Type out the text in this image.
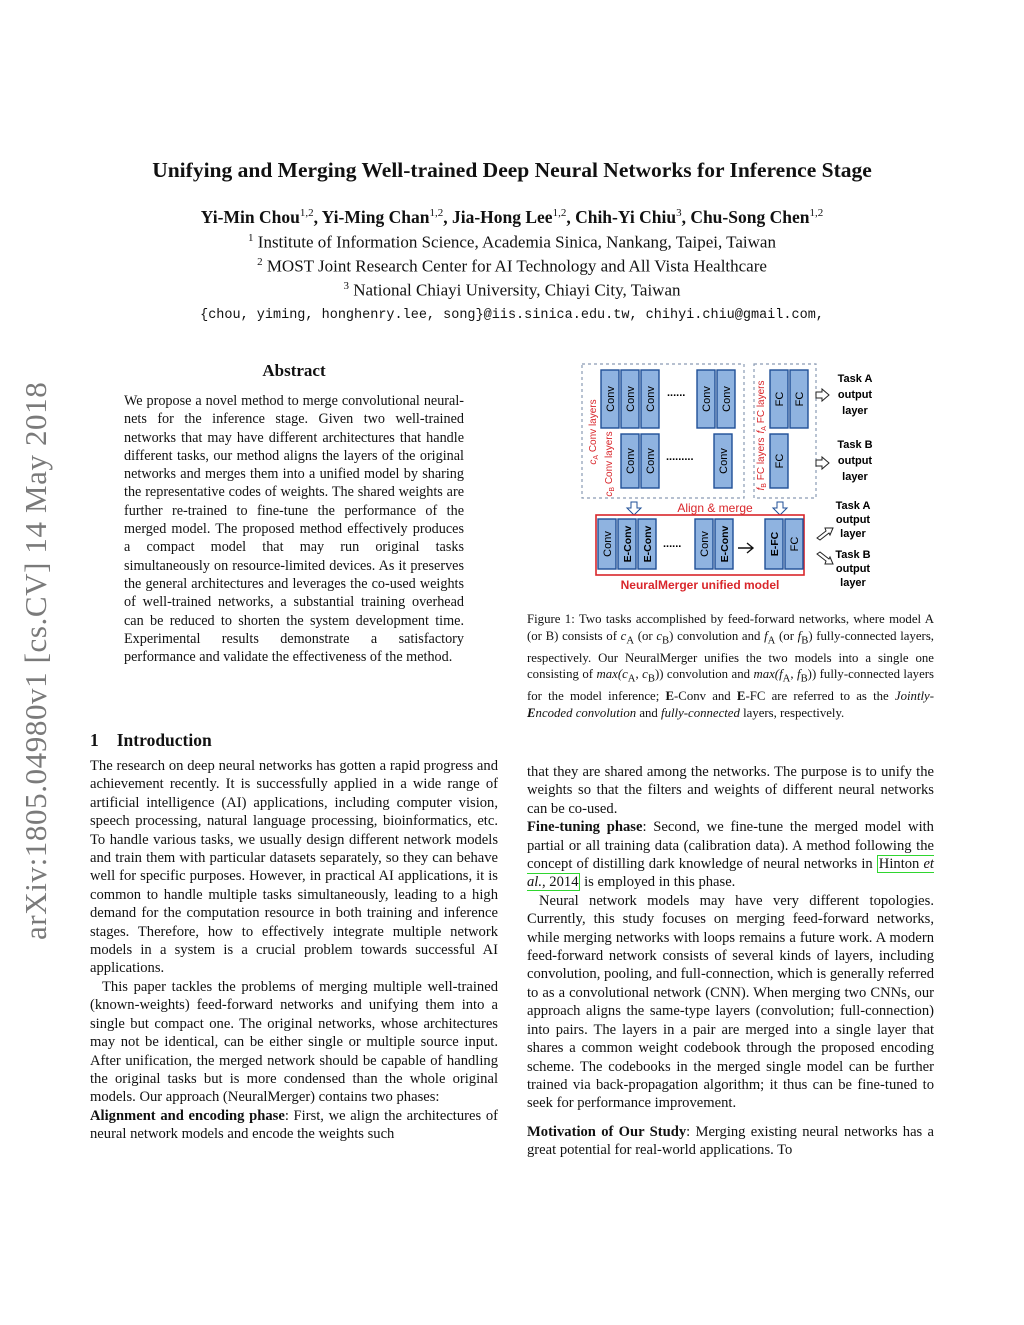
arXiv:1805.04980v1 [cs.CV] 14 May 2018
Unifying and Merging Well-trained Deep Neural Networks for Inference Stage
Yi-Min Chou$^{1,2}$, Yi-Ming Chan$^{1,2}$, Jia-Hong Lee$^{1,2}$, Chih-Yi Chiu$^3$, Chu-Song Chen$^{1,2}$
$^1$ Institute of Information Science, Academia Sinica, Nankang, Taipei, Taiwan
$^2$ MOST Joint Research Center for AI Technology and All Vista Healthcare
$^3$ National Chiayi University, Chiayi City, Taiwan
{chou, yiming, honghenry.lee, song}@iis.sinica.edu.tw, chihyi.chiu@gmail.com,
Abstract
We propose a novel method to merge convolutional neural-nets for the inference stage. Given two well-trained networks that may have different architectures that handle different tasks, our method aligns the layers of the original networks and merges them into a unified model by sharing the representative codes of weights. The shared weights are further re-trained to fine-tune the performance of the merged model. The proposed method effectively produces a compact model that may run original tasks simultaneously on resource-limited devices. As it preserves the general architectures and leverages the co-used weights of well-trained networks, a substantial training overhead can be reduced to shorten the system development time. Experimental results demonstrate a satisfactory performance and validate the effectiveness of the method.
1 Introduction

The research on deep neural networks has gotten a rapid progress and achievement recently. It is successfully applied in a wide range of artificial intelligence (AI) applications, including computer vision, speech processing, natural language processing, bioinformatics, etc. To handle various tasks, we usually design different network models and train them with particular datasets separately, so they can behave well for specific purposes. However, in practical AI applications, it is common to handle multiple tasks simultaneously, leading to a high demand for the computation resource in both training and inference stages. Therefore, how to effectively integrate multiple network models in a system is a crucial problem towards successful AI applications.

This paper tackles the problems of merging multiple well-trained (known-weights) feed-forward networks and unifying them into a single but compact one. The original networks, whose architectures may not be identical, can be either single or multiple source input. After unification, the merged network should be capable of handling the original tasks but is more condensed than the whole original models. Our approach (NeuralMerger) contains two phases:

Alignment and encoding phase: First, we align the architectures of neural network models and encode the weights such

$c_A$ Conv layers
$c_B$ Conv layers	$f_A$ FC layers
$f_B$ FC layers
Conv Conv Conv	Conv Conv
......	FC FC
Conv Conv	Conv
.........	FC
Task A
output
layer
Task B
output
layer
Align & merge
Conv E-Conv E-Conv	Conv E-Conv
......	E-FC FC
NeuralMerger unified model
Task A
output
layer
Task B
output
layer
Figure 1: Two tasks accomplished by feed-forward networks, where model A (or B) consists of $c_A$ (or $c_B$) convolution and $f_A$ (or $f_B$) fully-connected layers, respectively. Our NeuralMerger unifies the two models into a single one consisting of $\max(c_A$, $c_B$)) convolution and $\max(f_A$, $f_B$)) fully-connected layers for the model inference; E-Conv and E-FC are referred to as the Jointly-Encoded convolution and fully-connected layers, respectively.

that they are shared among the networks. The purpose is to unify the weights so that the filters and weights of different neural networks can be co-used.

Fine-tuning phase: Second, we fine-tune the merged model with partial or all training data (calibration data). A method following the concept of distilling dark knowledge of neural networks in Hinton et al., 2014 is employed in this phase.

Neural network models may have very different topologies. Currently, this study focuses on merging feed-forward networks, while merging networks with loops remains a future work. A modern feed-forward network consists of several kinds of layers, including convolution, pooling, and full-connection, which is generally referred to as a convolutional network (CNN). When merging two CNNs, our approach aligns the same-type layers (convolution; full-connection) into pairs. The layers in a pair are merged into a single layer that shares a common weight codebook through the proposed encoding scheme. The codebooks in the merged single model can be further trained via back-propagation algorithm; it thus can be fine-tuned to seek for performance improvement.

Motivation of Our Study: Merging existing neural networks has a great potential for real-world applications. To
